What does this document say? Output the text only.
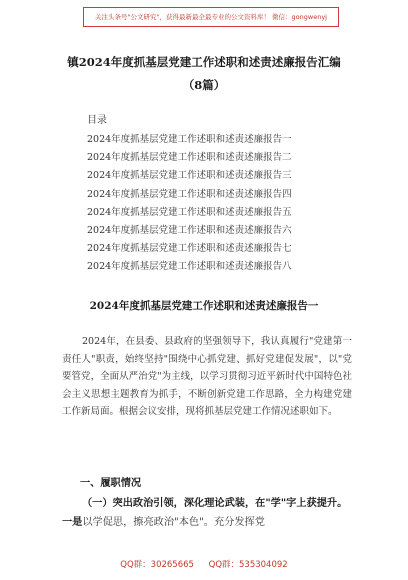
关注头条号"公文研究"，获得最新最全最专业的公文资料库！ 微信：gongwenyj
镇2024年度抓基层党建工作述职和述责述廉报告汇编
（8篇）
目录
2024年度抓基层党建工作述职和述责述廉报告一
2024年度抓基层党建工作述职和述责述廉报告二
2024年度抓基层党建工作述职和述责述廉报告三
2024年度抓基层党建工作述职和述责述廉报告四
2024年度抓基层党建工作述职和述责述廉报告五
2024年度抓基层党建工作述职和述责述廉报告六
2024年度抓基层党建工作述职和述责述廉报告七
2024年度抓基层党建工作述职和述责述廉报告八
2024年度抓基层党建工作述职和述责述廉报告一

2024年，在县委、县政府的坚强领导下，我认真履行"党建第一责任人"职责，始终坚持"围绕中心抓党建、抓好党建促发展"，以"党要管党，全面从严治党"为主线，以学习贯彻习近平新时代中国特色社会主义思想主题教育为抓手，不断创新党建工作思路，全力构建党建工作新局面。根据会议安排，现将抓基层党建工作情况述职如下。

一、履职情况

（一）突出政治引领，深化理论武装，在"学"字上获提升。一是以学促思，擦亮政治"本色"。充分发挥党

QQ群：30265665 QQ群：535304092
